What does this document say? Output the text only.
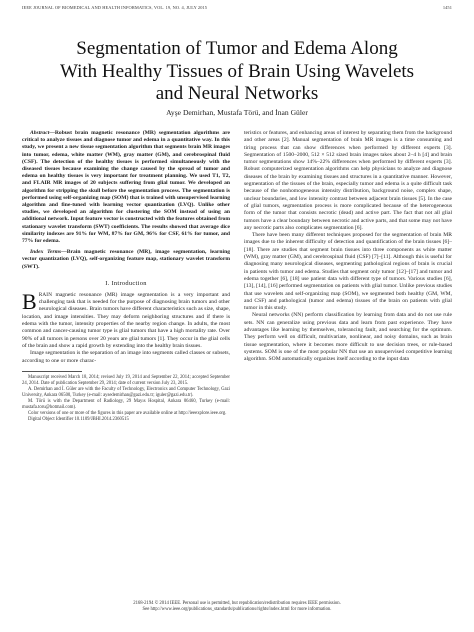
IEEE JOURNAL OF BIOMEDICAL AND HEALTH INFORMATICS, VOL. 19, NO. 4, JULY 2015	1451
Segmentation of Tumor and Edema Along
With Healthy Tissues of Brain Using Wavelets
and Neural Networks
Ayşe Demirhan, Mustafa Törü, and İnan Güler

Abstract—Robust brain magnetic resonance (MR) segmentation algorithms are critical to analyze tissues and diagnose tumor and edema in a quantitative way. In this study, we present a new tissue segmentation algorithm that segments brain MR images into tumor, edema, white matter (WM), gray matter (GM), and cerebrospinal fluid (CSF). The detection of the healthy tissues is performed simultaneously with the diseased tissues because examining the change caused by the spread of tumor and edema on healthy tissues is very important for treatment planning. We used T1, T2, and FLAIR MR images of 20 subjects suffering from glial tumor. We developed an algorithm for stripping the skull before the segmentation process. The segmentation is performed using self-organizing map (SOM) that is trained with unsupervised learning algorithm and fine-tuned with learning vector quantization (LVQ). Unlike other studies, we developed an algorithm for clustering the SOM instead of using an additional network. Input feature vector is constructed with the features obtained from stationary wavelet transform (SWT) coefficients. The results showed that average dice similarity indexes are 91% for WM, 87% for GM, 96% for CSF, 61% for tumor, and 77% for edema.

Index Terms—Brain magnetic resonance (MR), image segmentation, learning vector quantization (LVQ), self-organizing feature map, stationary wavelet transform (SWT).

I. Introduction

BRAIN magnetic resonance (MR) image segmentation is a very important and challenging task that is needed for the purpose of diagnosing brain tumors and other neurological diseases. Brain tumors have different characteristics such as size, shape, location, and image intensities. They may deform neighboring structures and if there is edema with the tumor, intensity properties of the nearby region change. In adults, the most common and cancer-causing tumor type is glial tumors that have a high mortality rate. Over 90% of all tumors in persons over 20 years are glial tumors [1]. They occur in the glial cells of the brain and show a rapid growth by extending into the healthy brain tissues.

Image segmentation is the separation of an image into segments called classes or subsets, according to one or more charac-

Manuscript received March 18, 2014; revised July 19, 2014 and September 22, 2014; accepted September 24, 2014. Date of publication September 29, 2014; date of current version July 23, 2015.

A. Demirhan and İ. Güler are with the Faculty of Technology, Electronics and Computer Technology, Gazi University, Ankara 06500, Turkey (e-mail: aysedemirhan@gazi.edu.tr; iguler@gazi.edu.tr).

M. Törü is with the Department of Radiology, 29 Mayıs Hospital, Ankara 06460, Turkey (e-mail: mustafa.toru@hotmail.com).

Color versions of one or more of the figures in this paper are available online at http://ieeexplore.ieee.org.

Digital Object Identifier 10.1109/JBHI.2014.2360515

teristics or features, and enhancing areas of interest by separating them from the background and other areas [2]. Manual segmentation of brain MR images is a time consuming and tiring process that can show differences when performed by different experts [3]. Segmentation of 1500–2000, 512 × 512 sized brain images takes about 2–4 h [4] and brain tumor segmentations show 14%–22% differences when performed by different experts [3]. Robust computerized segmentation algorithms can help physicians to analyze and diagnose diseases of the brain by examining tissues and structures in a quantitative manner. However, segmentation of the tissues of the brain, especially tumor and edema is a quite difficult task because of the nonhomogeneous intensity distribution, background noise, complex shape, unclear boundaries, and low intensity contrast between adjacent brain tissues [5]. In the case of glial tumors, segmentation process is more complicated because of the heterogeneous form of the tumor that consists necrotic (dead) and active part. The fact that not all glial tumors have a clear boundary between necrotic and active parts, and that some may not have any necrotic parts also complicates segmentation [6].

There have been many different techniques proposed for the segmentation of brain MR images due to the inherent difficulty of detection and quantification of the brain tissues [6]–[18]. There are studies that segment brain tissues into three components as white matter (WM), gray matter (GM), and cerebrospinal fluid (CSF) [7]–[11]. Although this is useful for diagnosing many neurological diseases, segmenting pathological regions of brain is crucial in patients with tumor and edema. Studies that segment only tumor [12]–[17] and tumor and edema together [6], [18] use patient data with different type of tumors. Various studies [6], [13], [14], [16] performed segmentation on patients with glial tumor. Unlike previous studies that use wavelets and self-organizing map (SOM), we segmented both healthy (GM, WM, and CSF) and pathological (tumor and edema) tissues of the brain on patients with glial tumor in this study.

Neural networks (NN) perform classification by learning from data and do not use rule sets. NN can generalize using previous data and learn from past experience. They have advantages like learning by themselves, tolerancing fault, and searching for the optimum. They perform well on difficult, multivariate, nonlinear, and noisy domains, such as brain tissue segmentation, where it becomes more difficult to use decision trees, or rule-based systems. SOM is one of the most popular NN that use an unsupervised competitive learning algorithm. SOM automatically organizes itself according to the input data

2168-2194 © 2014 IEEE. Personal use is permitted, but republication/redistribution requires IEEE permission.
See http://www.ieee.org/publications_standards/publications/rights/index.html for more information.
